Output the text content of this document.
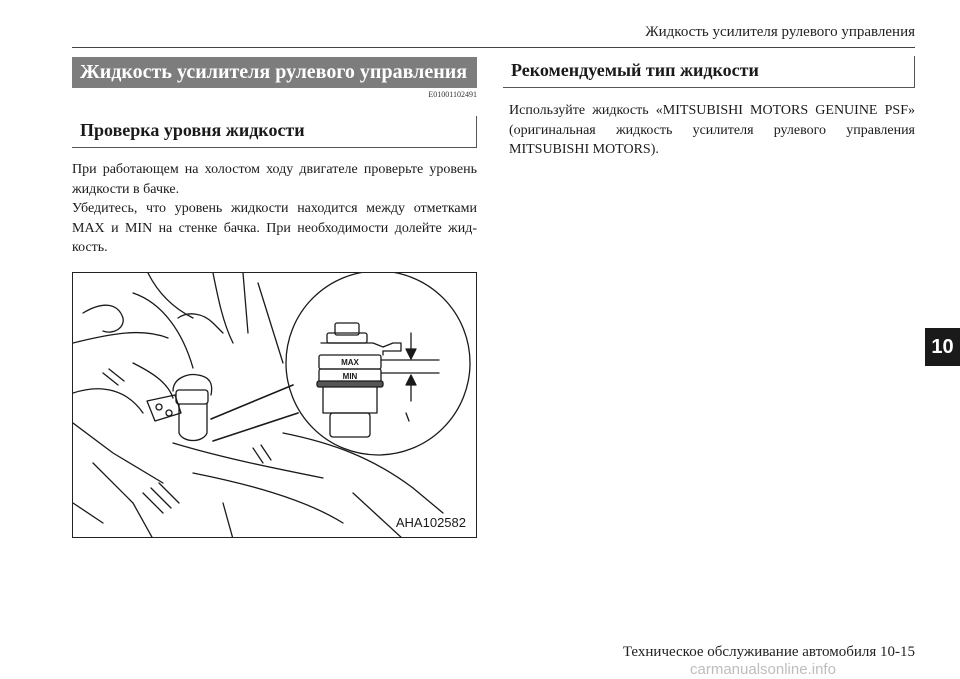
Жидкость усилителя рулевого управления
Жидкость усилителя рулевого управления
E01001102491
Проверка уровня жидкости

При работающем на холостом ходу двигателе проверьте уровень жидкости в бачке.

Убедитесь, что уровень жидкости находится между отметками MAX и MIN на стенке бачка. При необходимости долейте жид-кость.

MAX
MIN
AHA102582
Рекомендуемый тип жидкости

Используйте жидкость «MITSUBISHI MOTORS GENUINE PSF» (оригинальная жидкость усилителя рулевого управления MITSUBISHI MOTORS).

10
Техническое обслуживание автомобиля 10-15
carmanualsonline.info
